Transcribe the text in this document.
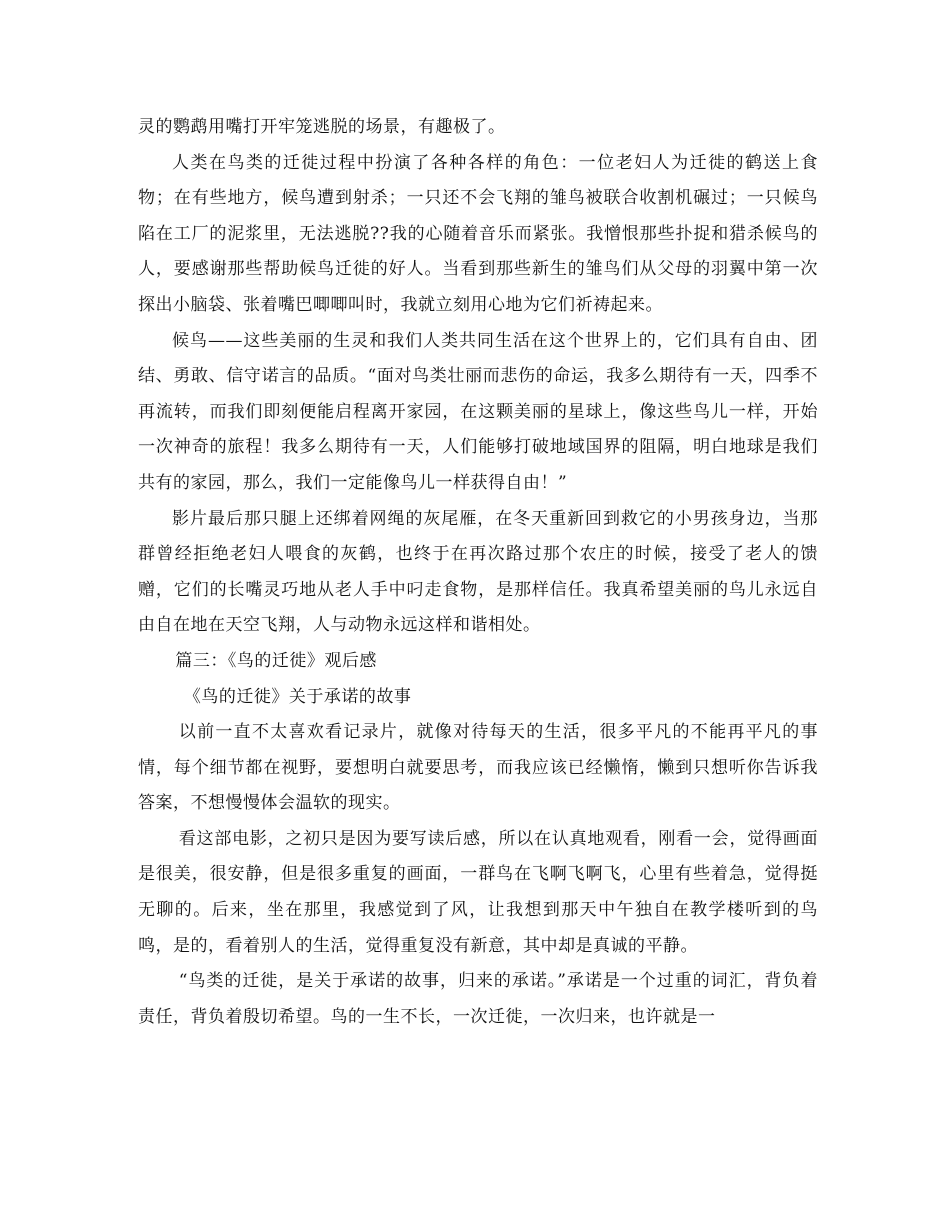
灵的鹦鹉用嘴打开牢笼逃脱的场景，有趣极了。

人类在鸟类的迁徙过程中扮演了各种各样的角色：一位老妇人为迁徙的鹤送上食物；在有些地方，候鸟遭到射杀；一只还不会飞翔的雏鸟被联合收割机碾过；一只候鸟陷在工厂的泥浆里，无法逃脱??我的心随着音乐而紧张。我憎恨那些扑捉和猎杀候鸟的人，要感谢那些帮助候鸟迁徙的好人。当看到那些新生的雏鸟们从父母的羽翼中第一次探出小脑袋、张着嘴巴唧唧叫时，我就立刻用心地为它们祈祷起来。

候鸟——这些美丽的生灵和我们人类共同生活在这个世界上的，它们具有自由、团结、勇敢、信守诺言的品质。“面对鸟类壮丽而悲伤的命运，我多么期待有一天，四季不再流转，而我们即刻便能启程离开家园，在这颗美丽的星球上，像这些鸟儿一样，开始一次神奇的旅程！我多么期待有一天，人们能够打破地域国界的阻隔，明白地球是我们共有的家园，那么，我们一定能像鸟儿一样获得自由！”

影片最后那只腿上还绑着网绳的灰尾雁，在冬天重新回到救它的小男孩身边，当那群曾经拒绝老妇人喂食的灰鹤，也终于在再次路过那个农庄的时候，接受了老人的馈赠，它们的长嘴灵巧地从老人手中叼走食物，是那样信任。我真希望美丽的鸟儿永远自由自在地在天空飞翔，人与动物永远这样和谐相处。

篇三：《鸟的迁徙》观后感

《鸟的迁徙》关于承诺的故事

以前一直不太喜欢看记录片，就像对待每天的生活，很多平凡的不能再平凡的事情，每个细节都在视野，要想明白就要思考，而我应该已经懒惰，懒到只想听你告诉我答案，不想慢慢体会温软的现实。

看这部电影，之初只是因为要写读后感，所以在认真地观看，刚看一会，觉得画面是很美，很安静，但是很多重复的画面，一群鸟在飞啊飞啊飞，心里有些着急，觉得挺无聊的。后来，坐在那里，我感觉到了风，让我想到那天中午独自在教学楼听到的鸟鸣，是的，看着别人的生活，觉得重复没有新意，其中却是真诚的平静。

“鸟类的迁徙，是关于承诺的故事，归来的承诺。”承诺是一个过重的词汇，背负着责任，背负着殷切希望。鸟的一生不长，一次迁徙，一次归来，也许就是一
